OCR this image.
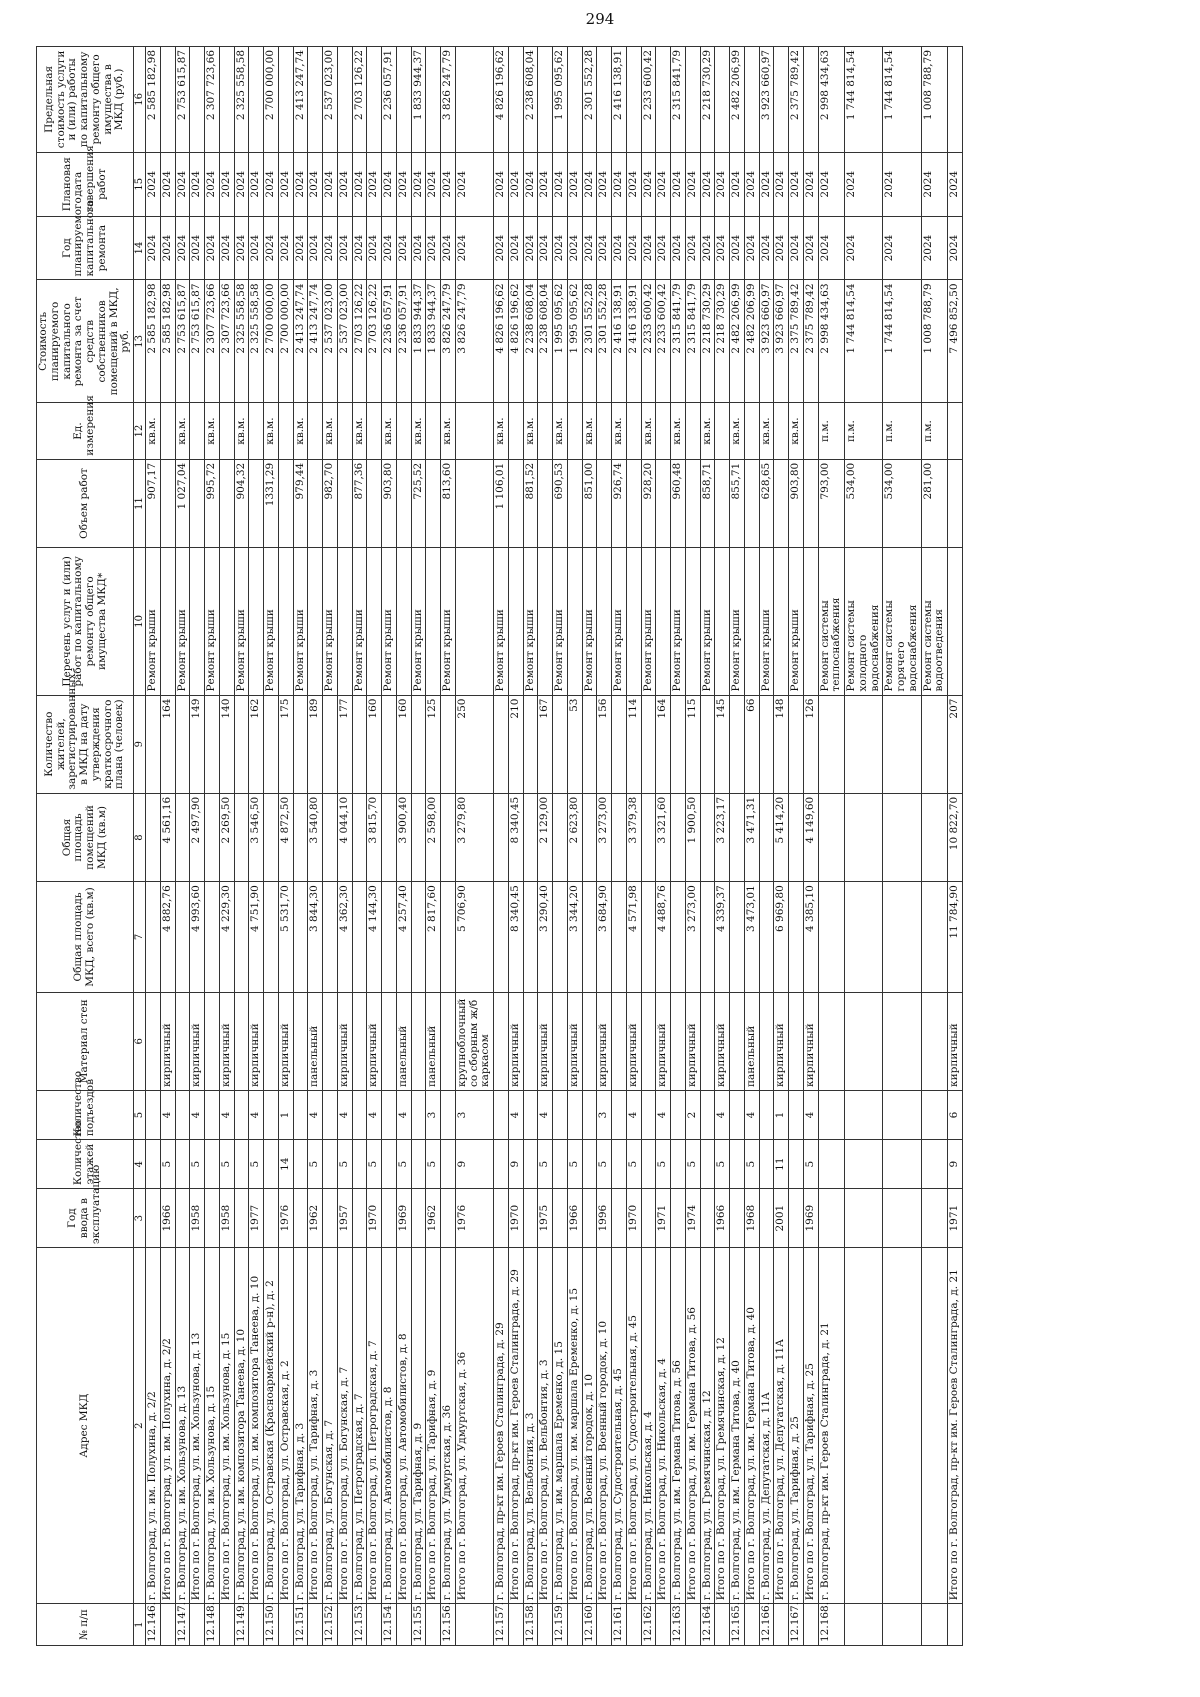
294
№ п/п	Адрес МКД	Год ввода в эксплуатацию	Количество этажей	Количество подъездов	Материал стен	Общая площадь МКД, всего (кв.м)	Общая площадь помещений МКД (кв.м)	Количество жителей, зарегистрированных в МКД на дату утверждения краткосрочного плана (человек)	Перечень услуг и (или) работ по капитальному ремонту общего имущества МКД*	Объем работ	Ед. измерения	Стоимость планируемого капитального ремонта за счет средств собственников помещений в МКД, руб.	Год планируемого капитального ремонта	Плановая дата завершения работ	Предельная стоимость услуги и (или) работы по капитальному ремонту общего имущества в МКД (руб.)
1	2	3	4	5	6	7	8	9	10	11	12	13	14	15	16
12.146.	г. Волгоград, ул. им. Полухина, д. 2/2								Ремонт крыши	907,17	кв.м.	2 585 182,98	2024	2024	2 585 182,98
	Итого по г. Волгоград, ул. им. Полухина, д. 2/2	1966	5	4	кирпичный	4 882,76	4 561,16	164				2 585 182,98	2024	2024	
12.147.	г. Волгоград, ул. им. Хользунова, д. 13								Ремонт крыши	1 027,04	кв.м.	2 753 615,87	2024	2024	2 753 615,87
	Итого по г. Волгоград, ул. им. Хользунова, д. 13	1958	5	4	кирпичный	4 993,60	2 497,90	149				2 753 615,87	2024	2024	
12.148.	г. Волгоград, ул. им. Хользунова, д. 15								Ремонт крыши	995,72	кв.м.	2 307 723,66	2024	2024	2 307 723,66
	Итого по г. Волгоград, ул. им. Хользунова, д. 15	1958	5	4	кирпичный	4 229,30	2 269,50	140				2 307 723,66	2024	2024	
12.149.	г. Волгоград, ул. им. композитора Танеева, д. 10								Ремонт крыши	904,32	кв.м.	2 325 558,58	2024	2024	2 325 558,58
	Итого по г. Волгоград, ул. им. композитора Танеева, д. 10	1977	5	4	кирпичный	4 751,90	3 546,50	162				2 325 558,58	2024	2024	
12.150.	г. Волгоград, ул. Остравская (Красноармейский р-н), д. 2								Ремонт крыши	1331,29	кв.м.	2 700 000,00	2024	2024	2 700 000,00
	Итого по г. Волгоград, ул. Остравская, д. 2	1976	14	1	кирпичный	5 531,70	4 872,50	175				2 700 000,00	2024	2024	
12.151.	г. Волгоград, ул. Тарифная, д. 3								Ремонт крыши	979,44	кв.м.	2 413 247,74	2024	2024	2 413 247,74
	Итого по г. Волгоград, ул. Тарифная, д. 3	1962	5	4	панельный	3 844,30	3 540,80	189				2 413 247,74	2024	2024	
12.152.	г. Волгоград, ул. Богунская, д. 7								Ремонт крыши	982,70	кв.м.	2 537 023,00	2024	2024	2 537 023,00
	Итого по г. Волгоград, ул. Богунская, д. 7	1957	5	4	кирпичный	4 362,30	4 044,10	177				2 537 023,00	2024	2024	
12.153.	г. Волгоград, ул. Петроградская, д. 7								Ремонт крыши	877,36	кв.м.	2 703 126,22	2024	2024	2 703 126,22
	Итого по г. Волгоград, ул. Петроградская, д. 7	1970	5	4	кирпичный	4 144,30	3 815,70	160				2 703 126,22	2024	2024	
12.154.	г. Волгоград, ул. Автомобилистов, д. 8								Ремонт крыши	903,80	кв.м.	2 236 057,91	2024	2024	2 236 057,91
	Итого по г. Волгоград, ул. Автомобилистов, д. 8	1969	5	4	панельный	4 257,40	3 900,40	160				2 236 057,91	2024	2024	
12.155.	г. Волгоград, ул. Тарифная, д. 9								Ремонт крыши	725,52	кв.м.	1 833 944,37	2024	2024	1 833 944,37
	Итого по г. Волгоград, ул. Тарифная, д. 9	1962	5	3	панельный	2 817,60	2 598,00	125				1 833 944,37	2024	2024	
12.156.	г. Волгоград, ул. Удмуртская, д. 36								Ремонт крыши	813,60	кв.м.	3 826 247,79	2024	2024	3 826 247,79
	Итого по г. Волгоград, ул. Удмуртская, д. 36	1976	9	3	крупноблочный со сборным ж/б каркасом	5 706,90	3 279,80	250				3 826 247,79	2024	2024	
12.157.	г. Волгоград, пр-кт им. Героев Сталинграда, д. 29								Ремонт крыши	1 106,01	кв.м.	4 826 196,62	2024	2024	4 826 196,62
	Итого по г. Волгоград, пр-кт им. Героев Сталинграда, д. 29	1970	9	4	кирпичный	8 340,45	8 340,45	210				4 826 196,62	2024	2024	
12.158.	г. Волгоград, ул. Вельбонтия, д. 3								Ремонт крыши	881,52	кв.м.	2 238 608,04	2024	2024	2 238 608,04
	Итого по г. Волгоград, ул. Вельбонтия, д. 3	1975	5	4	кирпичный	3 290,40	2 129,00	167				2 238 608,04	2024	2024	
12.159.	г. Волгоград, ул. им. маршала Еременко, д. 15								Ремонт крыши	690,53	кв.м.	1 995 095,62	2024	2024	1 995 095,62
	Итого по г. Волгоград, ул. им. маршала Еременко, д. 15	1966	5		кирпичный	3 344,20	2 623,80	53				1 995 095,62	2024	2024	
12.160.	г. Волгоград, ул. Военный городок, д. 10								Ремонт крыши	851,00	кв.м.	2 301 552,28	2024	2024	2 301 552,28
	Итого по г. Волгоград, ул. Военный городок, д. 10	1996	5	3	кирпичный	3 684,90	3 273,00	156				2 301 552,28	2024	2024	
12.161.	г. Волгоград, ул. Судостроительная, д. 45								Ремонт крыши	926,74	кв.м.	2 416 138,91	2024	2024	2 416 138,91
	Итого по г. Волгоград, ул. Судостроительная, д. 45	1970	5	4	кирпичный	4 571,98	3 379,38	114				2 416 138,91	2024	2024	
12.162.	г. Волгоград, ул. Никольская, д. 4								Ремонт крыши	928,20	кв.м.	2 233 600,42	2024	2024	2 233 600,42
	Итого по г. Волгоград, ул. Никольская, д. 4	1971	5	4	кирпичный	4 488,76	3 321,60	164				2 233 600,42	2024	2024	
12.163.	г. Волгоград, ул. им. Германа Титова, д. 56								Ремонт крыши	960,48	кв.м.	2 315 841,79	2024	2024	2 315 841,79
	Итого по г. Волгоград, ул. им. Германа Титова, д. 56	1974	5	2	кирпичный	3 273,00	1 900,50	115				2 315 841,79	2024	2024	
12.164.	г. Волгоград, ул. Гремячинская, д. 12								Ремонт крыши	858,71	кв.м.	2 218 730,29	2024	2024	2 218 730,29
	Итого по г. Волгоград, ул. Гремячинская, д. 12	1966	5	4	кирпичный	4 339,37	3 223,17	145				2 218 730,29	2024	2024	
12.165.	г. Волгоград, ул. им. Германа Титова, д. 40								Ремонт крыши	855,71	кв.м.	2 482 206,99	2024	2024	2 482 206,99
	Итого по г. Волгоград, ул. им. Германа Титова, д. 40	1968	5	4	панельный	3 473,01	3 471,31	66				2 482 206,99	2024	2024	
12.166.	г. Волгоград, ул. Депутатская, д. 11А								Ремонт крыши	628,65	кв.м.	3 923 660,97	2024	2024	3 923 660,97
	Итого по г. Волгоград, ул. Депутатская, д. 11А	2001	11	1	кирпичный	6 969,80	5 414,20	148				3 923 660,97	2024	2024	
12.167.	г. Волгоград, ул. Тарифная, д. 25								Ремонт крыши	903,80	кв.м.	2 375 789,42	2024	2024	2 375 789,42
	Итого по г. Волгоград, ул. Тарифная, д. 25	1969	5	4	кирпичный	4 385,10	4 149,60	126				2 375 789,42	2024	2024	
12.168.	г. Волгоград, пр-кт им. Героев Сталинграда, д. 21								Ремонт системы теплоснабжения	793,00	п.м.	2 998 434,63	2024	2024	2 998 434,63
									Ремонт системы холодного водоснабжения	534,00	п.м.	1 744 814,54	2024	2024	1 744 814,54
									Ремонт системы горячего водоснабжения	534,00	п.м.	1 744 814,54	2024	2024	1 744 814,54
									Ремонт системы водоотведения	281,00	п.м.	1 008 788,79	2024	2024	1 008 788,79
	Итого по г. Волгоград, пр-кт им. Героев Сталинграда, д. 21	1971	9	6	кирпичный	11 784,90	10 822,70	207				7 496 852,50	2024	2024	
